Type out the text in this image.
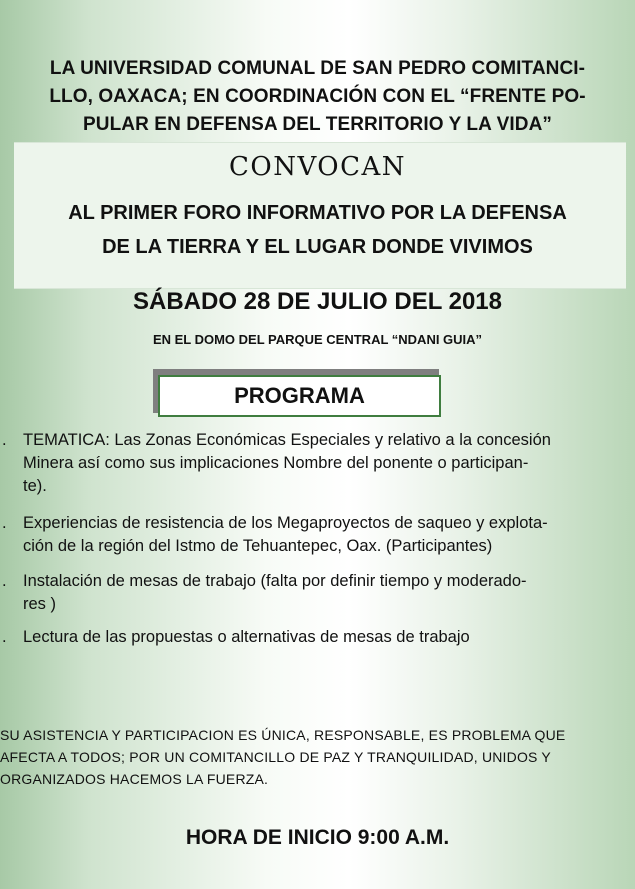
LA UNIVERSIDAD COMUNAL DE SAN PEDRO COMITANCI-
LLO, OAXACA; EN COORDINACIÓN CON EL “FRENTE PO-
PULAR EN DEFENSA DEL TERRITORIO Y LA VIDA”
CONVOCAN
AL PRIMER FORO INFORMATIVO POR LA DEFENSA
DE LA TIERRA Y EL LUGAR DONDE VIVIMOS
SÁBADO 28 DE JULIO DEL 2018
EN EL DOMO DEL PARQUE CENTRAL “NDANI GUIA”
PROGRAMA
. TEMATICA: Las Zonas Económicas Especiales y relativo a la concesión
Minera así como sus implicaciones Nombre del ponente o participan-
te).
. Experiencias de resistencia de los Megaproyectos de saqueo y explota-
ción de la región del Istmo de Tehuantepec, Oax. (Participantes)
. Instalación de mesas de trabajo (falta por definir tiempo y moderado-
res )
. Lectura de las propuestas o alternativas de mesas de trabajo
SU ASISTENCIA Y PARTICIPACION ES ÚNICA, RESPONSABLE, ES PROBLEMA QUE
AFECTA A TODOS; POR UN COMITANCILLO DE PAZ Y TRANQUILIDAD, UNIDOS Y
ORGANIZADOS HACEMOS LA FUERZA.
HORA DE INICIO 9:00 A.M.
